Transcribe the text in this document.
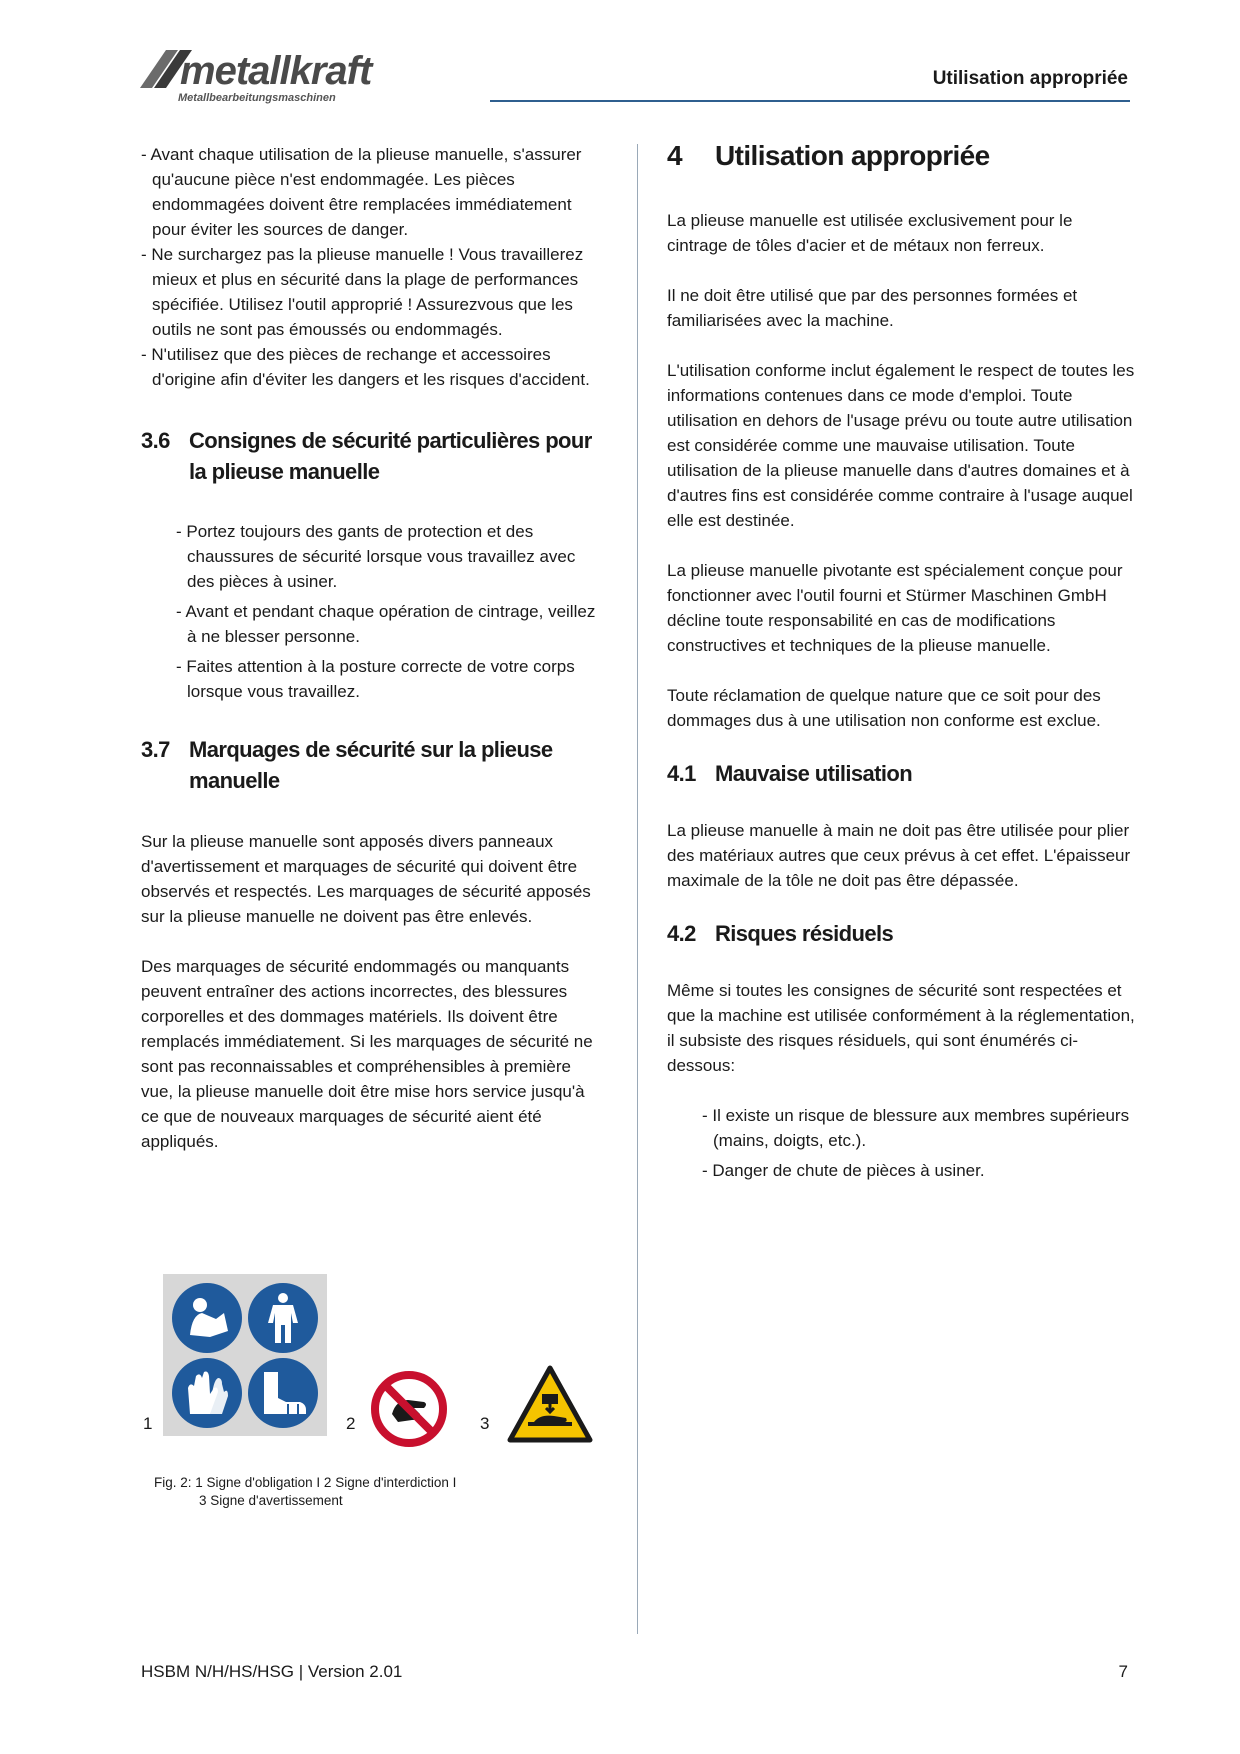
metallkraft
Metallbearbeitungsmaschinen
Utilisation appropriée

- Avant chaque utilisation de la plieuse manuelle, s'assurer qu'aucune pièce n'est endommagée. Les pièces endommagées doivent être remplacées immédiatement pour éviter les sources de danger.

- Ne surchargez pas la plieuse manuelle ! Vous travaillerez mieux et plus en sécurité dans la plage de performances spécifiée. Utilisez l'outil approprié ! Assurezvous que les outils ne sont pas émoussés ou endommagés.

- N'utilisez que des pièces de rechange et accessoires d'origine afin d'éviter les dangers et les risques d'accident.

3.6 Consignes de sécurité particulières pour la plieuse manuelle

- Portez toujours des gants de protection et des chaussures de sécurité lorsque vous travaillez avec des pièces à usiner.

- Avant et pendant chaque opération de cintrage, veillez à ne blesser personne.

- Faites attention à la posture correcte de votre corps lorsque vous travaillez.

3.7 Marquages de sécurité sur la plieuse manuelle

Sur la plieuse manuelle sont apposés divers panneaux d'avertissement et marquages de sécurité qui doivent être observés et respectés. Les marquages de sécurité apposés sur la plieuse manuelle ne doivent pas être enlevés.

Des marquages de sécurité endommagés ou manquants peuvent entraîner des actions incorrectes, des blessures corporelles et des dommages matériels. Ils doivent être remplacés immédiatement. Si les marquages de sécurité ne sont pas reconnaissables et compréhensibles à première vue, la plieuse manuelle doit être mise hors service jusqu'à ce que de nouveaux marquages de sécurité aient été appliqués.

1	2	3
Fig. 2: 1 Signe d'obligation I 2 Signe d'interdiction I
3 Signe d'avertissement
4	Utilisation appropriée

La plieuse manuelle est utilisée exclusivement pour le cintrage de tôles d'acier et de métaux non ferreux.

Il ne doit être utilisé que par des personnes formées et familiarisées avec la machine.

L'utilisation conforme inclut également le respect de toutes les informations contenues dans ce mode d'emploi. Toute utilisation en dehors de l'usage prévu ou toute autre utilisation est considérée comme une mauvaise utilisation. Toute utilisation de la plieuse manuelle dans d'autres domaines et à d'autres fins est considérée comme contraire à l'usage auquel elle est destinée.

La plieuse manuelle pivotante est spécialement conçue pour fonctionner avec l'outil fourni et Stürmer Maschinen GmbH décline toute responsabilité en cas de modifications constructives et techniques de la plieuse manuelle.

Toute réclamation de quelque nature que ce soit pour des dommages dus à une utilisation non conforme est exclue.

4.1 Mauvaise utilisation

La plieuse manuelle à main ne doit pas être utilisée pour plier des matériaux autres que ceux prévus à cet effet. L'épaisseur maximale de la tôle ne doit pas être dépassée.

4.2 Risques résiduels

Même si toutes les consignes de sécurité sont respectées et que la machine est utilisée conformément à la réglementation, il subsiste des risques résiduels, qui sont énumérés ci-dessous:

- Il existe un risque de blessure aux membres supérieurs (mains, doigts, etc.).

- Danger de chute de pièces à usiner.

HSBM N/H/HS/HSG | Version 2.01	7
